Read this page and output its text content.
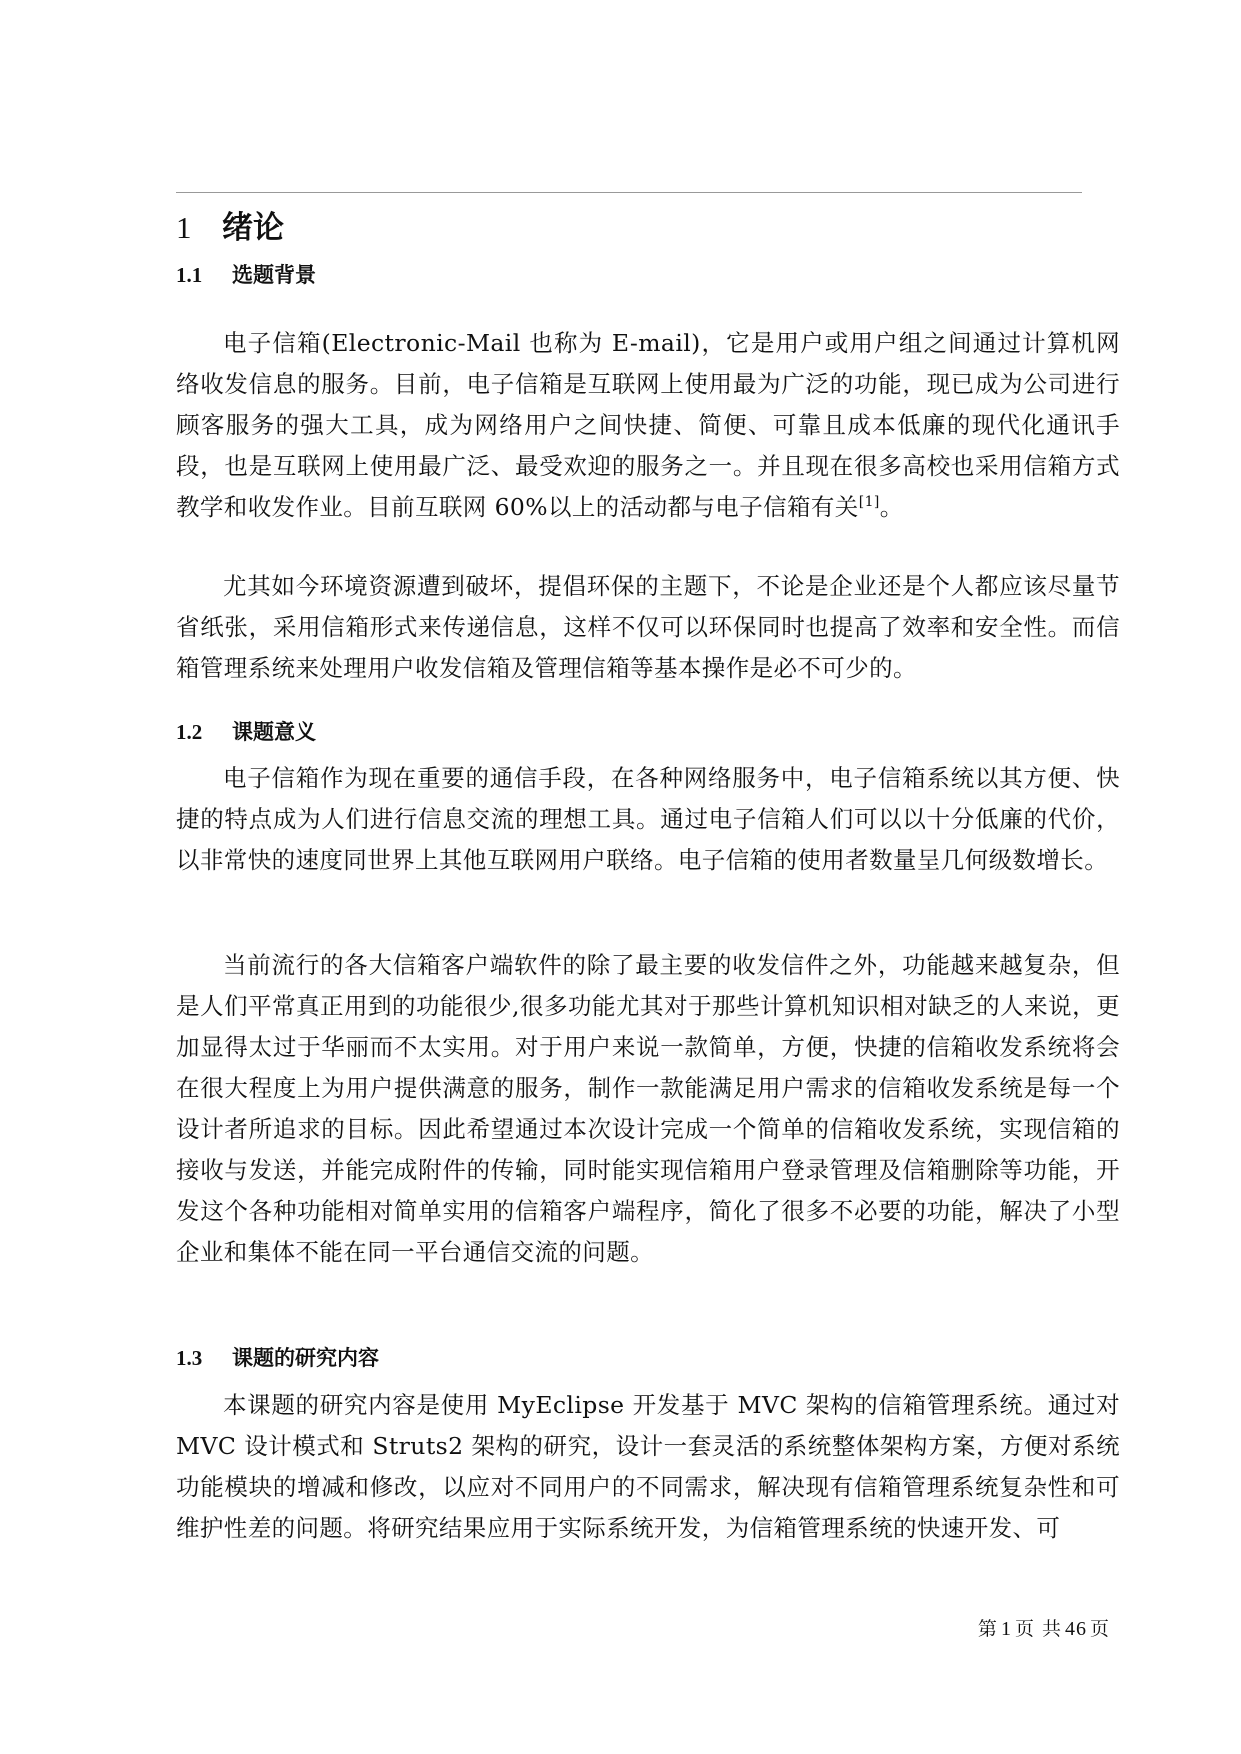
1 绪论
1.1 选题背景

电子信箱(Electronic-Mail 也称为 E-mail)，它是用户或用户组之间通过计算机网络收发信息的服务。目前，电子信箱是互联网上使用最为广泛的功能，现已成为公司进行顾客服务的强大工具，成为网络用户之间快捷、简便、可靠且成本低廉的现代化通讯手段，也是互联网上使用最广泛、最受欢迎的服务之一。并且现在很多高校也采用信箱方式教学和收发作业。目前互联网 60%以上的活动都与电子信箱有关[1]。

尤其如今环境资源遭到破坏，提倡环保的主题下，不论是企业还是个人都应该尽量节省纸张，采用信箱形式来传递信息，这样不仅可以环保同时也提高了效率和安全性。而信箱管理系统来处理用户收发信箱及管理信箱等基本操作是必不可少的。

1.2 课题意义

电子信箱作为现在重要的通信手段，在各种网络服务中，电子信箱系统以其方便、快捷的特点成为人们进行信息交流的理想工具。通过电子信箱人们可以以十分低廉的代价，以非常快的速度同世界上其他互联网用户联络。电子信箱的使用者数量呈几何级数增长。

当前流行的各大信箱客户端软件的除了最主要的收发信件之外，功能越来越复杂，但是人们平常真正用到的功能很少,很多功能尤其对于那些计算机知识相对缺乏的人来说，更加显得太过于华丽而不太实用。对于用户来说一款简单，方便，快捷的信箱收发系统将会在很大程度上为用户提供满意的服务，制作一款能满足用户需求的信箱收发系统是每一个设计者所追求的目标。因此希望通过本次设计完成一个简单的信箱收发系统，实现信箱的接收与发送，并能完成附件的传输，同时能实现信箱用户登录管理及信箱删除等功能，开发这个各种功能相对简单实用的信箱客户端程序，简化了很多不必要的功能，解决了小型企业和集体不能在同一平台通信交流的问题。

1.3 课题的研究内容

本课题的研究内容是使用 MyEclipse 开发基于 MVC 架构的信箱管理系统。通过对 MVC 设计模式和 Struts2 架构的研究，设计一套灵活的系统整体架构方案，方便对系统功能模块的增减和修改，以应对不同用户的不同需求，解决现有信箱管理系统复杂性和可维护性差的问题。将研究结果应用于实际系统开发，为信箱管理系统的快速开发、可

第 1 页 共 46 页
